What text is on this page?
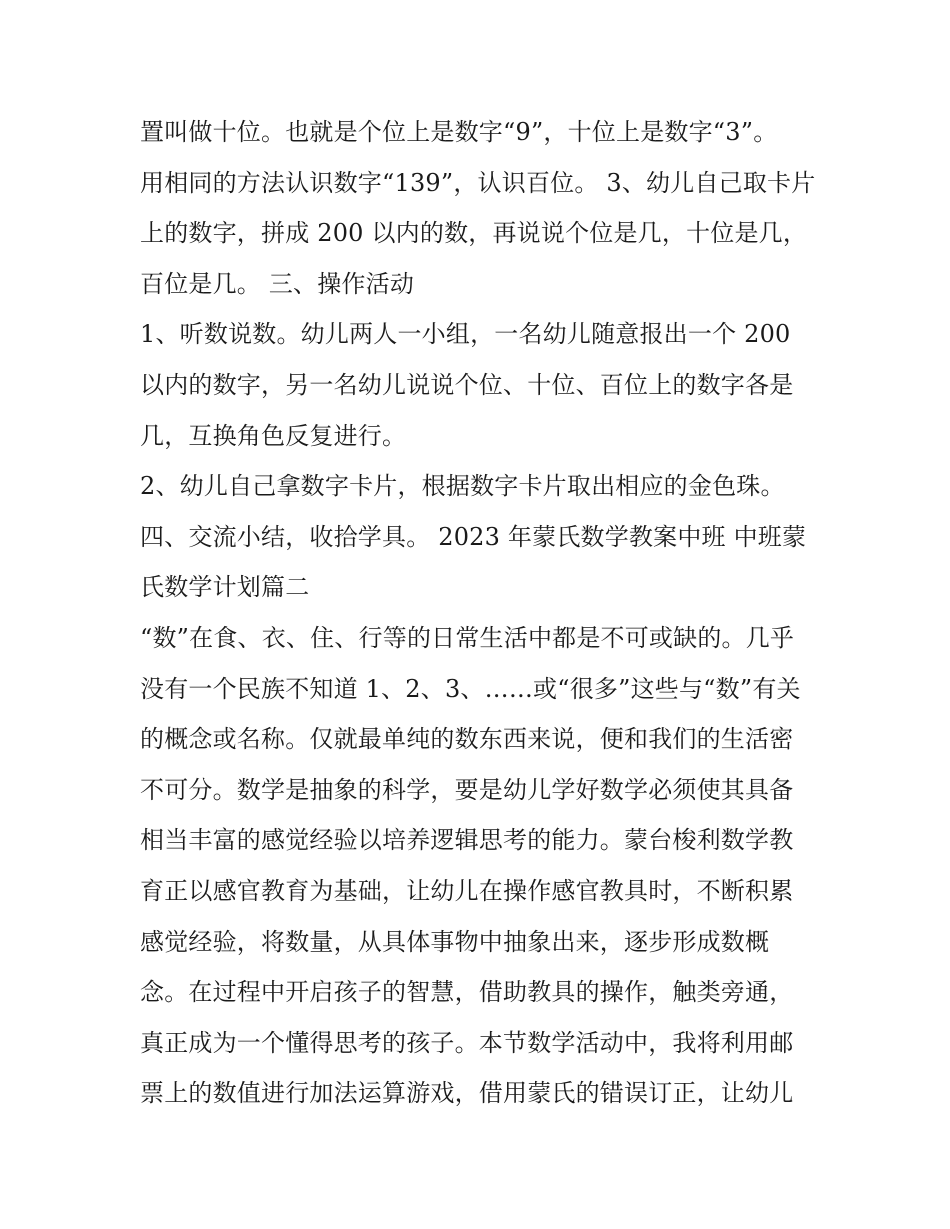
置叫做十位。也就是个位上是数字“9”，十位上是数字“3”。
用相同的方法认识数字“139”，认识百位。 3、幼儿自己取卡片
上的数字，拼成 200 以内的数，再说说个位是几，十位是几，
百位是几。 三、操作活动
1、听数说数。幼儿两人一小组，一名幼儿随意报出一个 200
以内的数字，另一名幼儿说说个位、十位、百位上的数字各是
几，互换角色反复进行。
2、幼儿自己拿数字卡片，根据数字卡片取出相应的金色珠。
四、交流小结，收拾学具。 2023 年蒙氏数学教案中班 中班蒙
氏数学计划篇二
“数”在食、衣、住、行等的日常生活中都是不可或缺的。几乎
没有一个民族不知道 1、2、3、……或“很多”这些与“数”有关
的概念或名称。仅就最单纯的数东西来说，便和我们的生活密
不可分。数学是抽象的科学，要是幼儿学好数学必须使其具备
相当丰富的感觉经验以培养逻辑思考的能力。蒙台梭利数学教
育正以感官教育为基础，让幼儿在操作感官教具时，不断积累
感觉经验，将数量，从具体事物中抽象出来，逐步形成数概
念。在过程中开启孩子的智慧，借助教具的操作，触类旁通，
真正成为一个懂得思考的孩子。本节数学活动中，我将利用邮
票上的数值进行加法运算游戏，借用蒙氏的错误订正，让幼儿
